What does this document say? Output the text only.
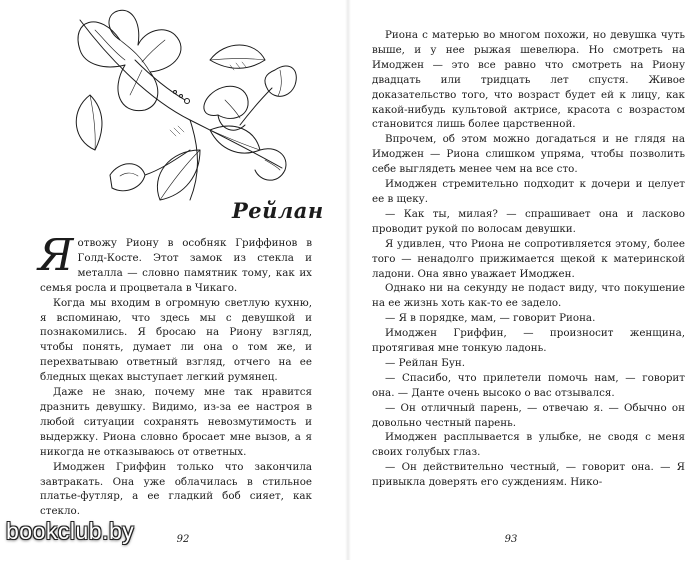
Рейлан

Я отвожу Риону в особняк Гриффинов в Голд-Косте. Этот замок из стекла и металла — словно памятник тому, как их семья росла и процветала в Чикаго.

Когда мы входим в огромную светлую кухню, я вспоминаю, что здесь мы с девушкой и познакомились. Я бросаю на Риону взгляд, чтобы понять, думает ли она о том же, и перехватываю ответный взгляд, отчего на ее бледных щеках выступает легкий румянец.

Даже не знаю, почему мне так нравится дразнить девушку. Видимо, из-за ее настроя в любой ситуации сохранять невозмутимость и выдержку. Риона словно бросает мне вызов, а я никогда не отказываюсь от ответных.

Имоджен Гриффин только что закончила завтракать. Она уже облачилась в стильное платье-футляр, а ее гладкий боб сияет, как стекло.

92

Риона с матерью во многом похожи, но девушка чуть выше, и у нее рыжая шевелюра. Но смотреть на Имоджен — это все равно что смотреть на Риону двадцать или тридцать лет спустя. Живое доказательство того, что возраст будет ей к лицу, как какой-нибудь культовой актрисе, красота с возрастом становится лишь более царственной.

Впрочем, об этом можно догадаться и не глядя на Имоджен — Риона слишком упряма, чтобы позволить себе выглядеть менее чем на все сто.

Имоджен стремительно подходит к дочери и целует ее в щеку.

— Как ты, милая? — спрашивает она и ласково проводит рукой по волосам девушки.

Я удивлен, что Риона не сопротивляется этому, более того — ненадолго прижимается щекой к материнской ладони. Она явно уважает Имоджен.

Однако ни на секунду не подаст виду, что покушение на ее жизнь хоть как-то ее задело.

— Я в порядке, мам, — говорит Риона.

Имоджен Гриффин, — произносит женщина, протягивая мне тонкую ладонь.

— Рейлан Бун.

— Спасибо, что прилетели помочь нам, — говорит она. — Данте очень высоко о вас отзывался.

— Он отличный парень, — отвечаю я. — Обычно он довольно честный парень.

Имоджен расплывается в улыбке, не сводя с меня своих голубых глаз.

— Он действительно честный, — говорит она. — Я привыкла доверять его суждениям. Нико-

93
bookclub.by
